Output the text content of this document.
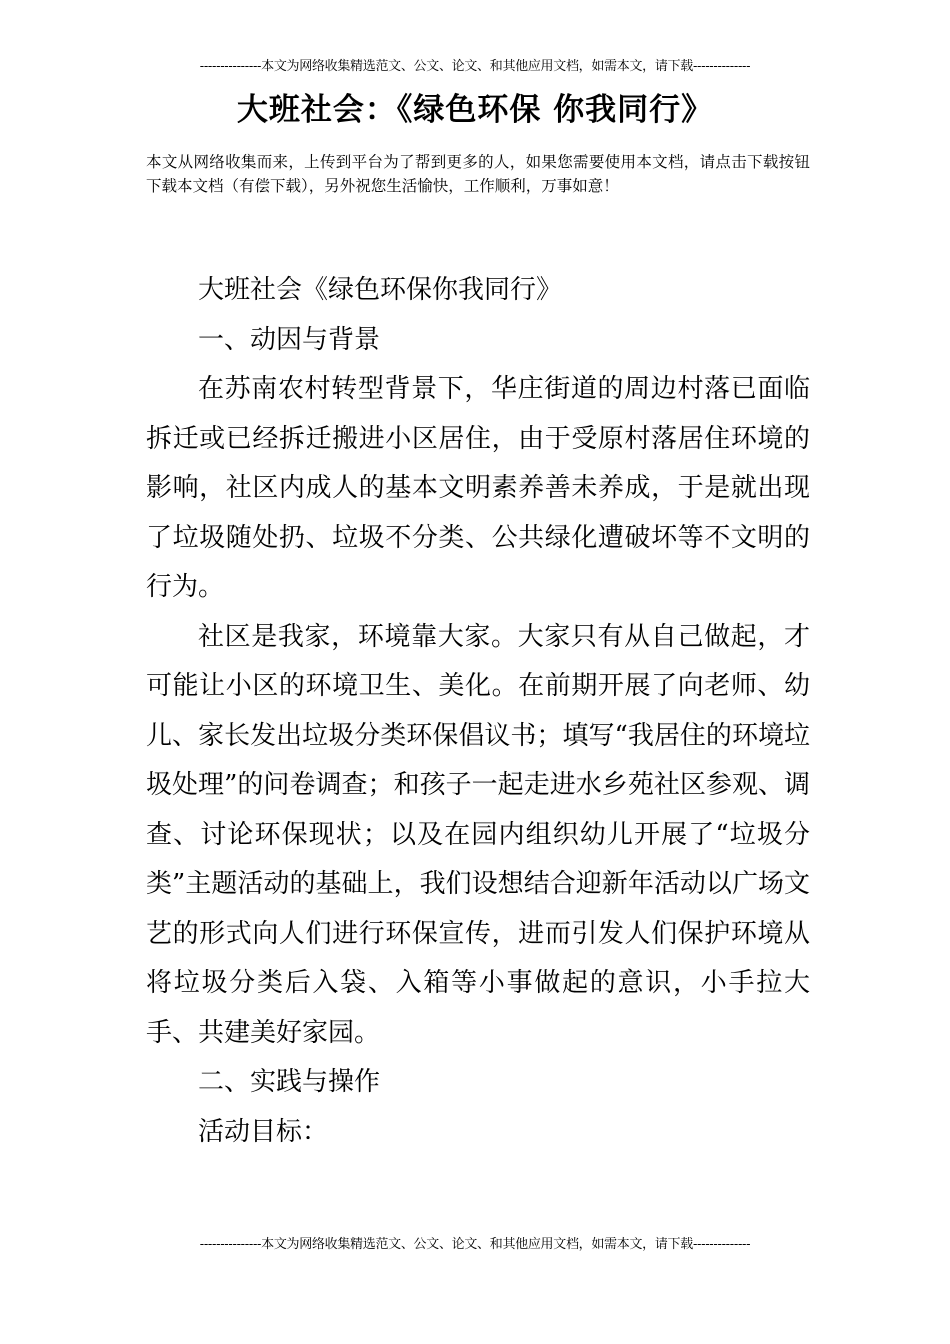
---------------本文为网络收集精选范文、公文、论文、和其他应用文档，如需本文，请下载--------------
大班社会：《绿色环保 你我同行》
本文从网络收集而来，上传到平台为了帮到更多的人，如果您需要使用本文档，请点击下载按钮下载本文档（有偿下载），另外祝您生活愉快，工作顺利，万事如意！

大班社会《绿色环保你我同行》

一、动因与背景

在苏南农村转型背景下，华庄街道的周边村落已面临拆迁或已经拆迁搬进小区居住，由于受原村落居住环境的影响，社区内成人的基本文明素养善未养成，于是就出现了垃圾随处扔、垃圾不分类、公共绿化遭破坏等不文明的行为。

社区是我家，环境靠大家。大家只有从自己做起，才可能让小区的环境卫生、美化。在前期开展了向老师、幼儿、家长发出垃圾分类环保倡议书；填写“我居住的环境垃圾处理”的问卷调查；和孩子一起走进水乡苑社区参观、调查、讨论环保现状；以及在园内组织幼儿开展了“垃圾分类”主题活动的基础上，我们设想结合迎新年活动以广场文艺的形式向人们进行环保宣传，进而引发人们保护环境从将垃圾分类后入袋、入箱等小事做起的意识，小手拉大手、共建美好家园。

二、实践与操作

活动目标：

---------------本文为网络收集精选范文、公文、论文、和其他应用文档，如需本文，请下载--------------
